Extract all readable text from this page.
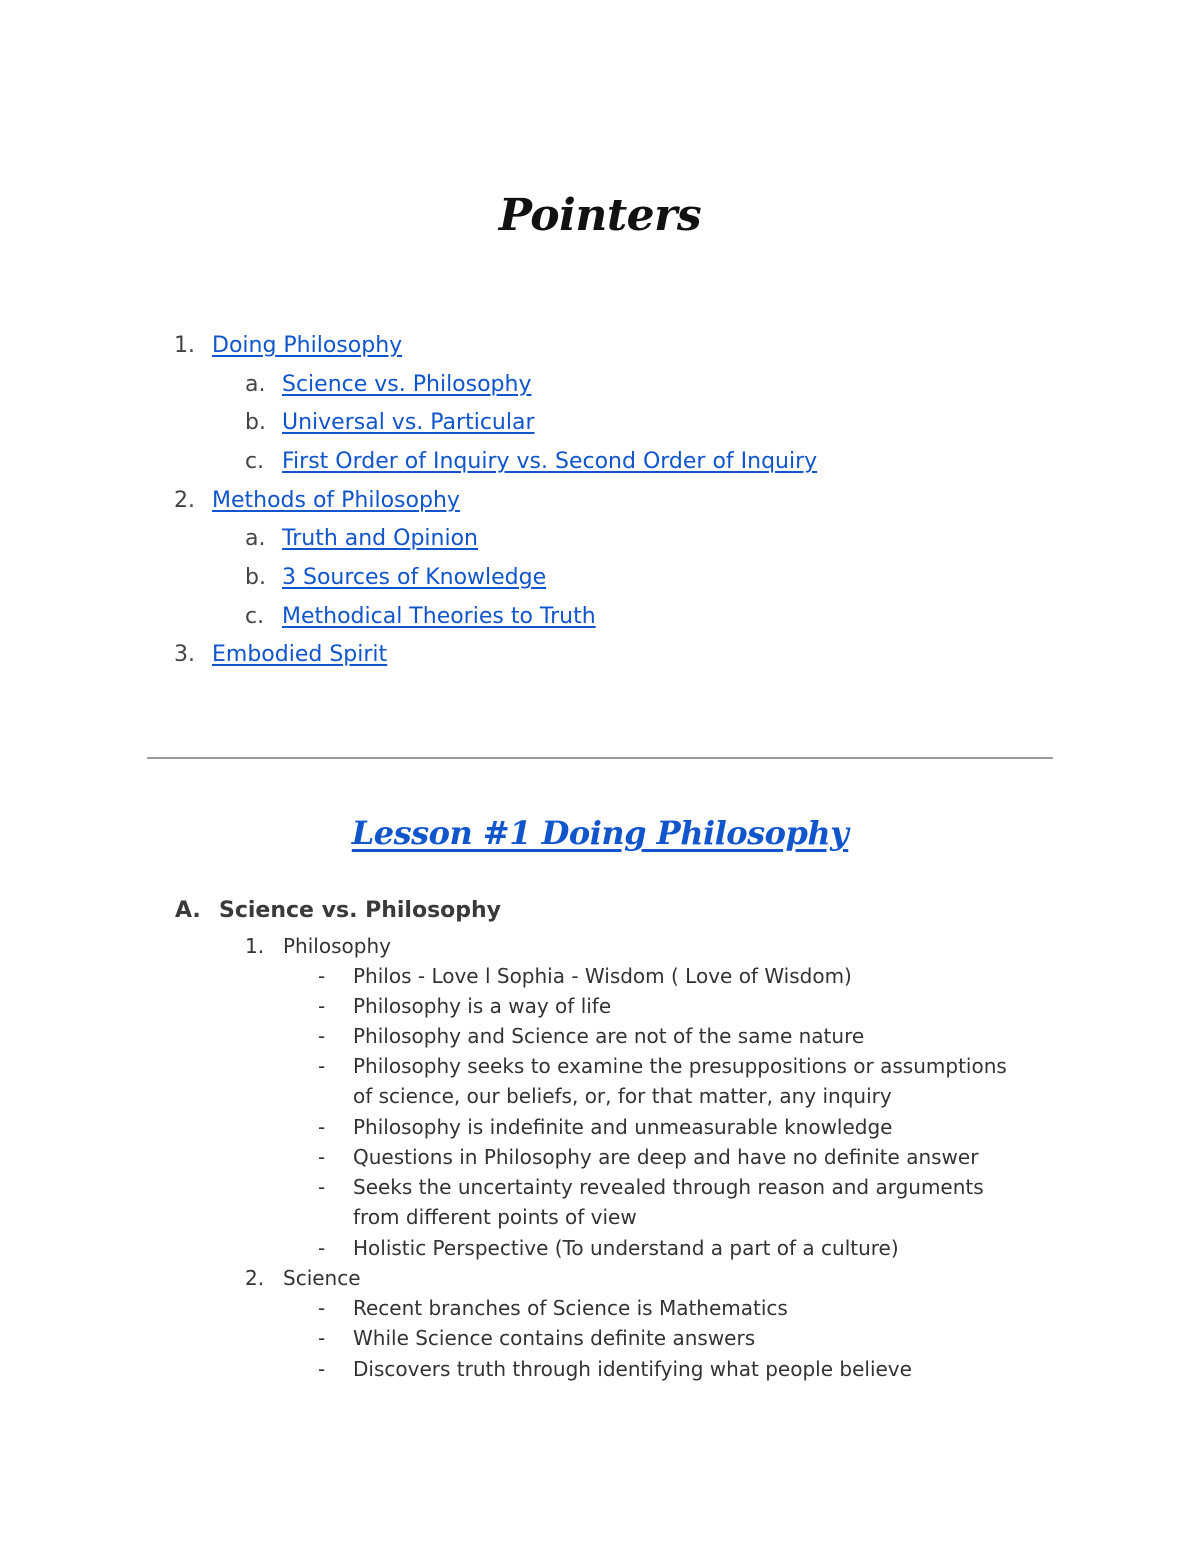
Pointers
1. Doing Philosophy
a. Science vs. Philosophy
b. Universal vs. Particular
c. First Order of Inquiry vs. Second Order of Inquiry
2. Methods of Philosophy
a. Truth and Opinion
b. 3 Sources of Knowledge
c. Methodical Theories to Truth
3. Embodied Spirit
Lesson #1 Doing Philosophy
A. Science vs. Philosophy
1. Philosophy
-	Philos - Love l Sophia - Wisdom ( Love of Wisdom)
-	Philosophy is a way of life
-	Philosophy and Science are not of the same nature
-	Philosophy seeks to examine the presuppositions or assumptions
of science, our beliefs, or, for that matter, any inquiry
-	Philosophy is indefinite and unmeasurable knowledge
-	Questions in Philosophy are deep and have no definite answer
-	Seeks the uncertainty revealed through reason and arguments
from different points of view
-	Holistic Perspective (To understand a part of a culture)
2. Science
-	Recent branches of Science is Mathematics
-	While Science contains definite answers
-	Discovers truth through identifying what people believe
